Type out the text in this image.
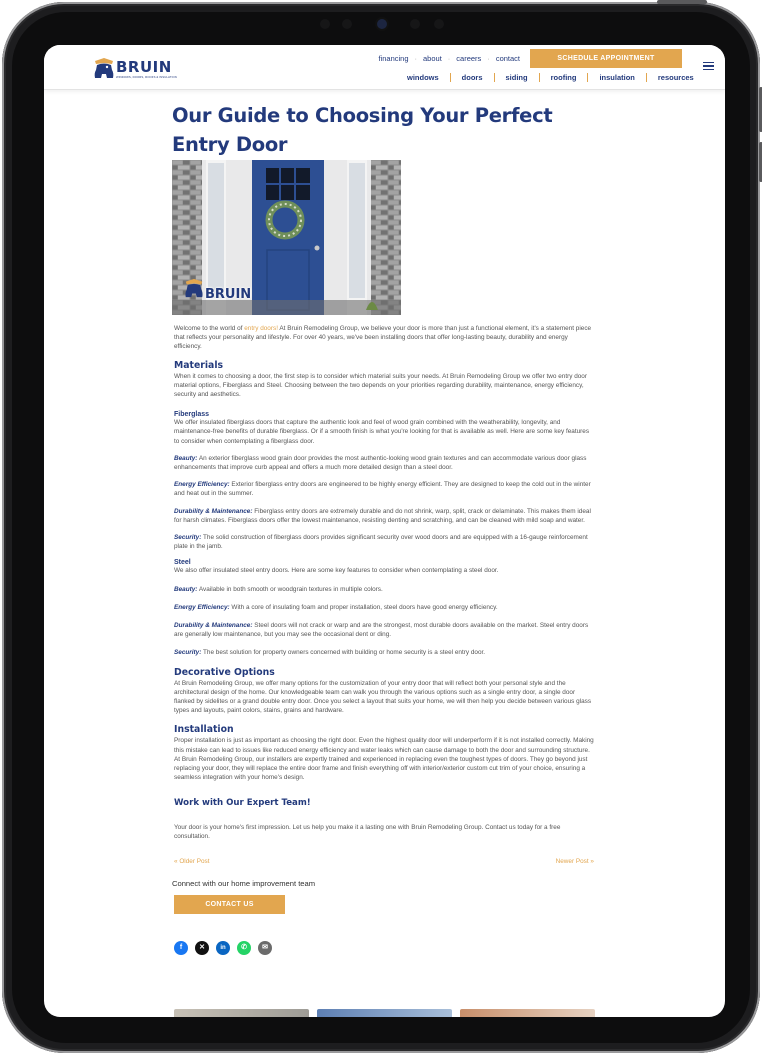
BRUIN
WINDOWS, DOORS, ROOFS & INSULATION
financing · about · careers · contact	SCHEDULE APPOINTMENT
windows	doors	siding	roofing	insulation	resources
Our Guide to Choosing Your Perfect Entry Door
BRUIN

Welcome to the world of entry doors! At Bruin Remodeling Group, we believe your door is more than just a functional element, it's a statement piece that reflects your personality and lifestyle. For over 40 years, we've been installing doors that offer long-lasting beauty, durability and energy efficiency.

Materials

When it comes to choosing a door, the first step is to consider which material suits your needs. At Bruin Remodeling Group we offer two entry door material options, Fiberglass and Steel. Choosing between the two depends on your priorities regarding durability, maintenance, energy efficiency, security and aesthetics.

Fiberglass

We offer insulated fiberglass doors that capture the authentic look and feel of wood grain combined with the weatherability, longevity, and maintenance-free benefits of durable fiberglass. Or if a smooth finish is what you're looking for that is available as well. Here are some key features to consider when contemplating a fiberglass door.

Beauty: An exterior fiberglass wood grain door provides the most authentic-looking wood grain textures and can accommodate various door glass enhancements that improve curb appeal and offers a much more detailed design than a steel door.

Energy Efficiency: Exterior fiberglass entry doors are engineered to be highly energy efficient. They are designed to keep the cold out in the winter and heat out in the summer.

Durability & Maintenance: Fiberglass entry doors are extremely durable and do not shrink, warp, split, crack or delaminate. This makes them ideal for harsh climates. Fiberglass doors offer the lowest maintenance, resisting denting and scratching, and can be cleaned with mild soap and water.

Security: The solid construction of fiberglass doors provides significant security over wood doors and are equipped with a 16-gauge reinforcement plate in the jamb.

Steel

We also offer insulated steel entry doors. Here are some key features to consider when contemplating a steel door.

Beauty: Available in both smooth or woodgrain textures in multiple colors.

Energy Efficiency: With a core of insulating foam and proper installation, steel doors have good energy efficiency.

Durability & Maintenance: Steel doors will not crack or warp and are the strongest, most durable doors available on the market. Steel entry doors are generally low maintenance, but you may see the occasional dent or ding.

Security: The best solution for property owners concerned with building or home security is a steel entry door.

Decorative Options

At Bruin Remodeling Group, we offer many options for the customization of your entry door that will reflect both your personal style and the architectural design of the home. Our knowledgeable team can walk you through the various options such as a single entry door, a single door flanked by sidelites or a grand double entry door. Once you select a layout that suits your home, we will then help you decide between various glass types and layouts, paint colors, stains, grains and hardware.

Installation

Proper installation is just as important as choosing the right door. Even the highest quality door will underperform if it is not installed correctly. Making this mistake can lead to issues like reduced energy efficiency and water leaks which can cause damage to both the door and surrounding structure. At Bruin Remodeling Group, our installers are expertly trained and experienced in replacing even the toughest types of doors. They go beyond just replacing your door, they will replace the entire door frame and finish everything off with interior/exterior custom cut trim of your choice, ensuring a seamless integration with your home's design.

Work with Our Expert Team!

Your door is your home's first impression. Let us help you make it a lasting one with Bruin Remodeling Group. Contact us today for a free consultation.

« Older Post	Newer Post »
Connect with our home improvement team
CONTACT US
f	✕	in	✆	✉
